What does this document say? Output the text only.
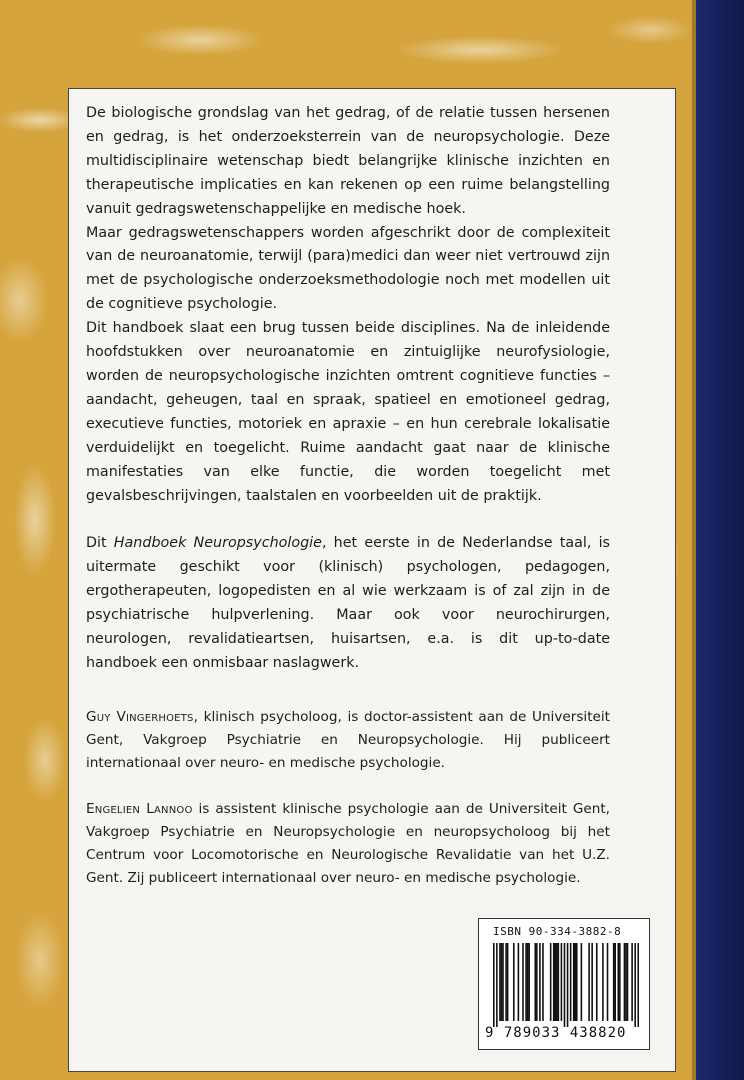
De biologische grondslag van het gedrag, of de relatie tussen hersenen en gedrag, is het onderzoeksterrein van de neuropsychologie. Deze multidisciplinaire wetenschap biedt belangrijke klinische inzichten en therapeutische implicaties en kan rekenen op een ruime belangstelling vanuit gedragswetenschappelijke en medische hoek.

Maar gedragswetenschappers worden afgeschrikt door de complexiteit van de neuroanatomie, terwijl (para)medici dan weer niet vertrouwd zijn met de psychologische onderzoeksmethodologie noch met modellen uit de cognitieve psychologie.

Dit handboek slaat een brug tussen beide disciplines. Na de inleidende hoofdstukken over neuroanatomie en zintuiglijke neurofysiologie, worden de neuropsychologische inzichten omtrent cognitieve functies – aandacht, geheugen, taal en spraak, spatieel en emotioneel gedrag, executieve functies, motoriek en apraxie – en hun cerebrale lokalisatie verduidelijkt en toegelicht. Ruime aandacht gaat naar de klinische manifestaties van elke functie, die worden toegelicht met gevalsbeschrijvingen, taalstalen en voorbeelden uit de praktijk.

Dit Handboek Neuropsychologie, het eerste in de Nederlandse taal, is uitermate geschikt voor (klinisch) psychologen, pedagogen, ergotherapeuten, logopedisten en al wie werkzaam is of zal zijn in de psychiatrische hulpverlening. Maar ook voor neurochirurgen, neurologen, revalidatieartsen, huisartsen, e.a. is dit up-to-date handboek een onmisbaar naslagwerk.

Guy Vingerhoets, klinisch psycholoog, is doctor-assistent aan de Universiteit Gent, Vakgroep Psychiatrie en Neuropsychologie. Hij publiceert internationaal over neuro- en medische psychologie.

Engelien Lannoo is assistent klinische psychologie aan de Universiteit Gent, Vakgroep Psychiatrie en Neuropsychologie en neuropsycholoog bij het Centrum voor Locomotorische en Neurologische Revalidatie van het U.Z. Gent. Zij publiceert internationaal over neuro- en medische psychologie.

ISBN 90-334-3882-8
9 789033 438820
